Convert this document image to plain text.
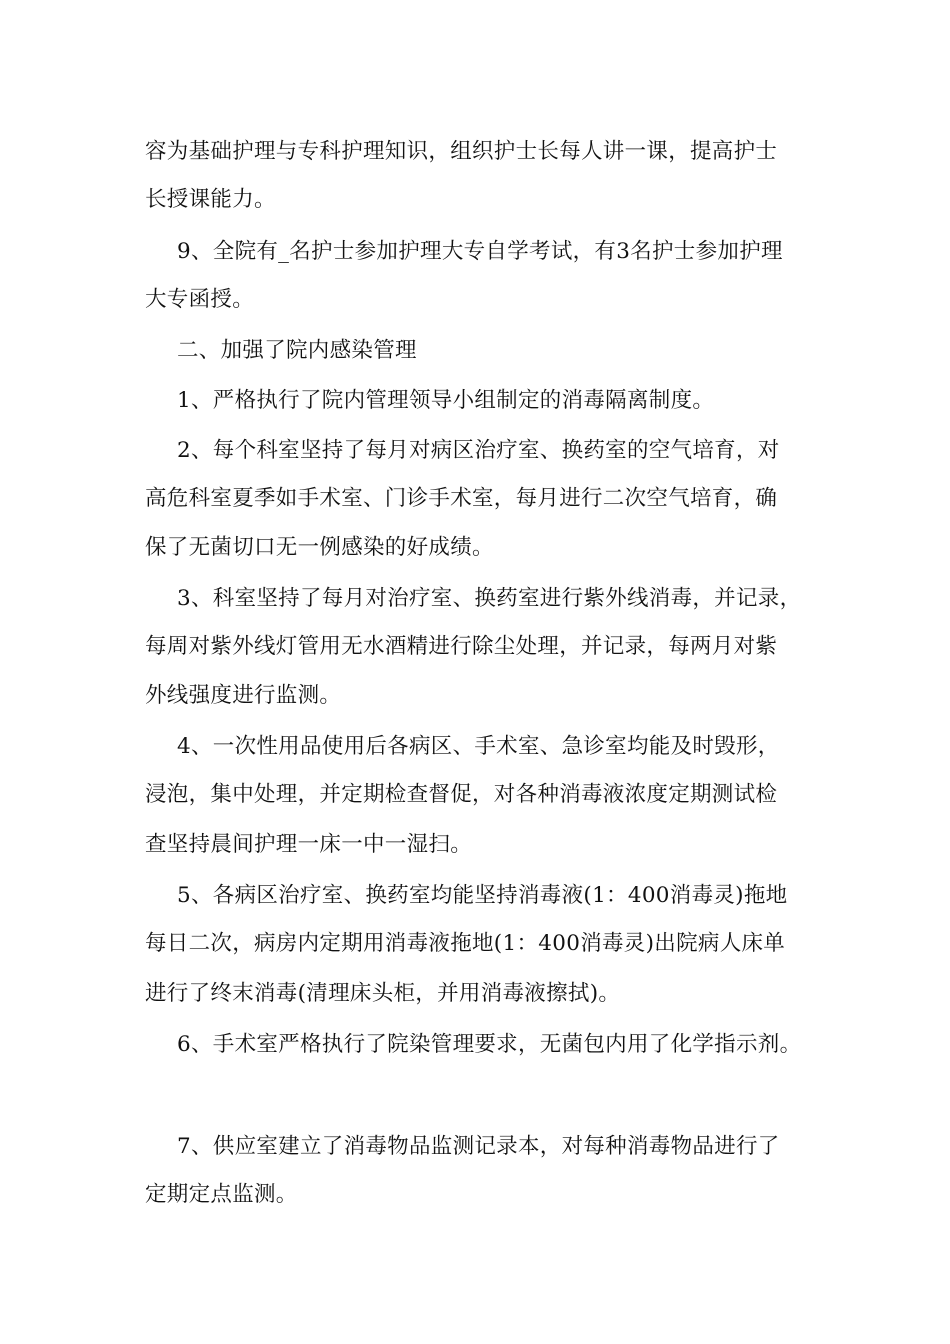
容为基础护理与专科护理知识，组织护士长每人讲一课，提高护士
长授课能力。
9、全院有_名护士参加护理大专自学考试，有3名护士参加护理
大专函授。
二、加强了院内感染管理
1、严格执行了院内管理领导小组制定的消毒隔离制度。
2、每个科室坚持了每月对病区治疗室、换药室的空气培育，对
高危科室夏季如手术室、门诊手术室，每月进行二次空气培育，确
保了无菌切口无一例感染的好成绩。
3、科室坚持了每月对治疗室、换药室进行紫外线消毒，并记录，
每周对紫外线灯管用无水酒精进行除尘处理，并记录，每两月对紫
外线强度进行监测。
4、一次性用品使用后各病区、手术室、急诊室均能及时毁形，
浸泡，集中处理，并定期检查督促，对各种消毒液浓度定期测试检
查坚持晨间护理一床一中一湿扫。
5、各病区治疗室、换药室均能坚持消毒液(1：400消毒灵)拖地
每日二次，病房内定期用消毒液拖地(1：400消毒灵)出院病人床单
进行了终末消毒(清理床头柜，并用消毒液擦拭)。
6、手术室严格执行了院染管理要求，无菌包内用了化学指示剂。
7、供应室建立了消毒物品监测记录本，对每种消毒物品进行了
定期定点监测。
